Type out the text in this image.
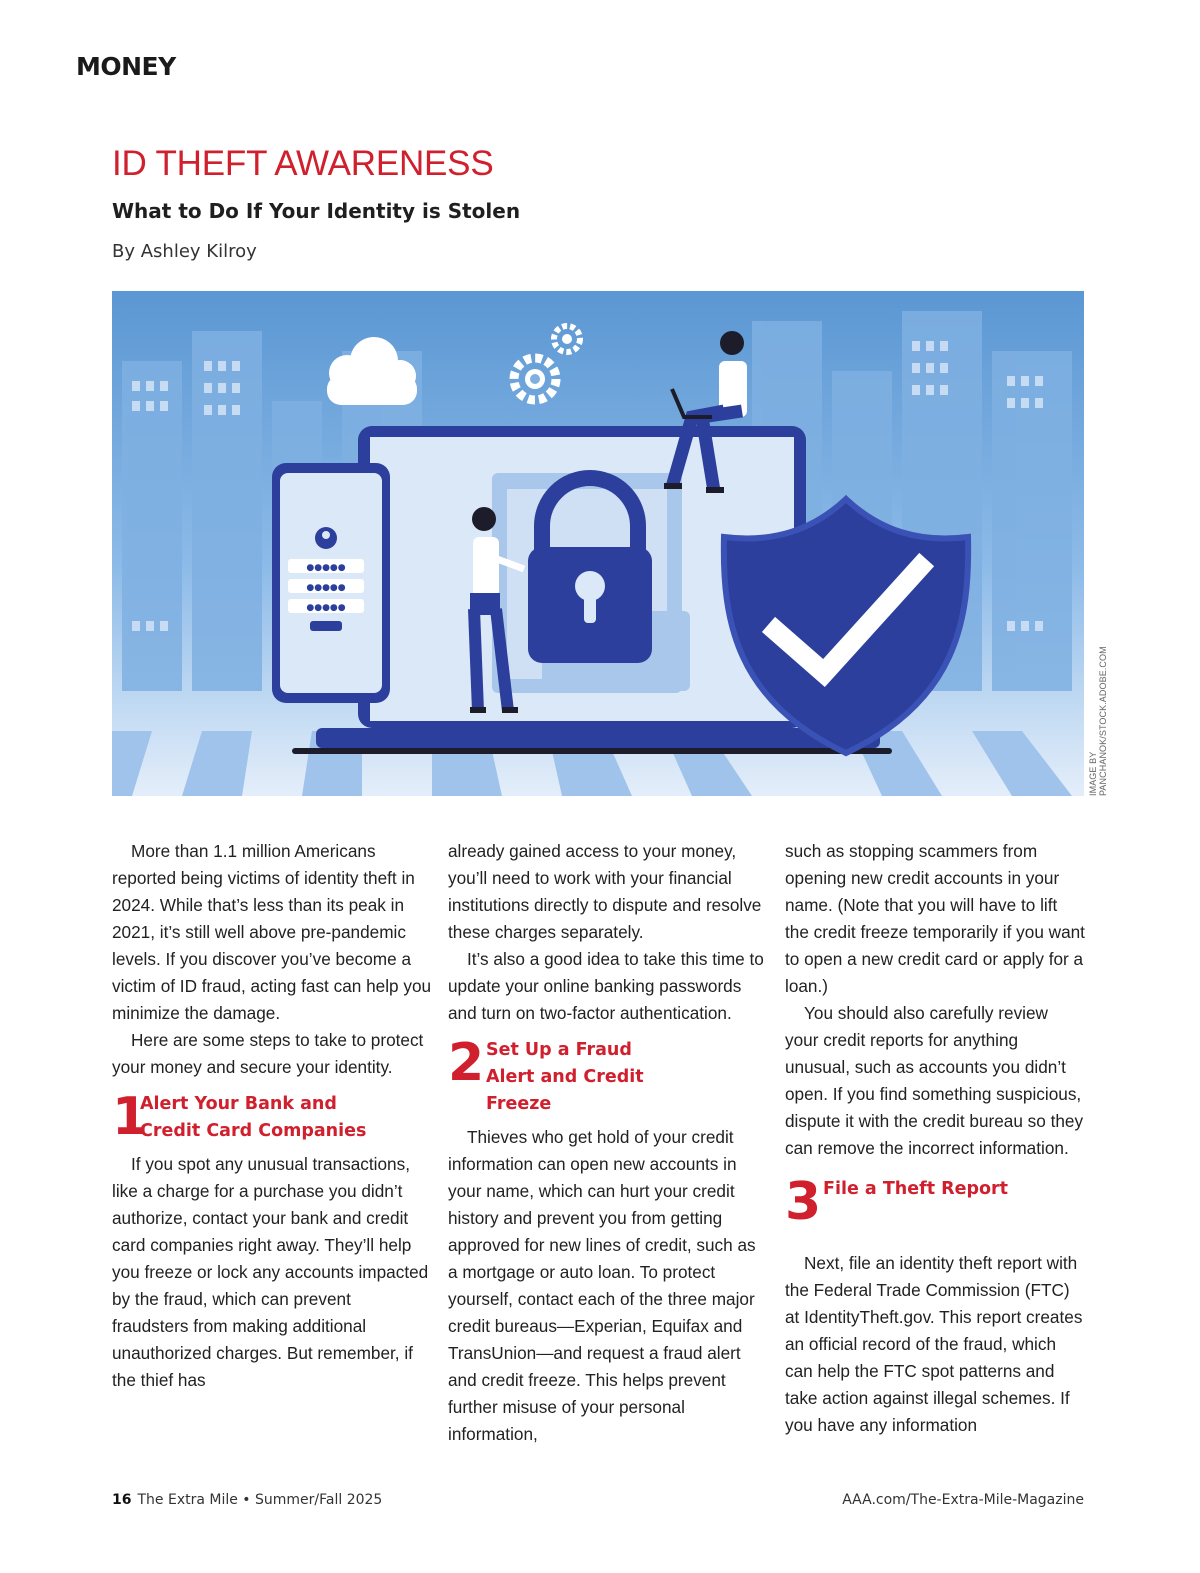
MONEY
ID THEFT AWARENESS
What to Do If Your Identity is Stolen
By Ashley Kilroy
●●●●●
●●●●●
●●●●●
IMAGE BY PANCHANOK/STOCK.ADOBE.COM

More than 1.1 million Americans reported being victims of identity theft in 2024. While that’s less than its peak in 2021, it’s still well above pre-pandemic levels. If you discover you’ve become a victim of ID fraud, acting fast can help you minimize the damage.

Here are some steps to take to protect your money and secure your identity.

1
Alert Your Bank and Credit Card Companies

If you spot any unusual transactions, like a charge for a purchase you didn’t authorize, contact your bank and credit card companies right away. They’ll help you freeze or lock any accounts impacted by the fraud, which can prevent fraudsters from making additional unauthorized charges. But remember, if the thief has

already gained access to your money, you’ll need to work with your financial institutions directly to dispute and resolve these charges separately.

It’s also a good idea to take this time to update your online banking passwords and turn on two-factor authentication.

2 Set Up a Fraud Alert and Credit Freeze

Thieves who get hold of your credit information can open new accounts in your name, which can hurt your credit history and prevent you from getting approved for new lines of credit, such as a mortgage or auto loan. To protect yourself, contact each of the three major credit bureaus—Experian, Equifax and TransUnion—and request a fraud alert and credit freeze. This helps prevent further misuse of your personal information,

such as stopping scammers from opening new credit accounts in your name. (Note that you will have to lift the credit freeze temporarily if you want to open a new credit card or apply for a loan.)

You should also carefully review your credit reports for anything unusual, such as accounts you didn’t open. If you find something suspicious, dispute it with the credit bureau so they can remove the incorrect information.

3 File a Theft Report

Next, file an identity theft report with the Federal Trade Commission (FTC) at IdentityTheft.gov. This report creates an official record of the fraud, which can help the FTC spot patterns and take action against illegal schemes. If you have any information

16 The Extra Mile • Summer/Fall 2025	AAA.com/The-Extra-Mile-Magazine
